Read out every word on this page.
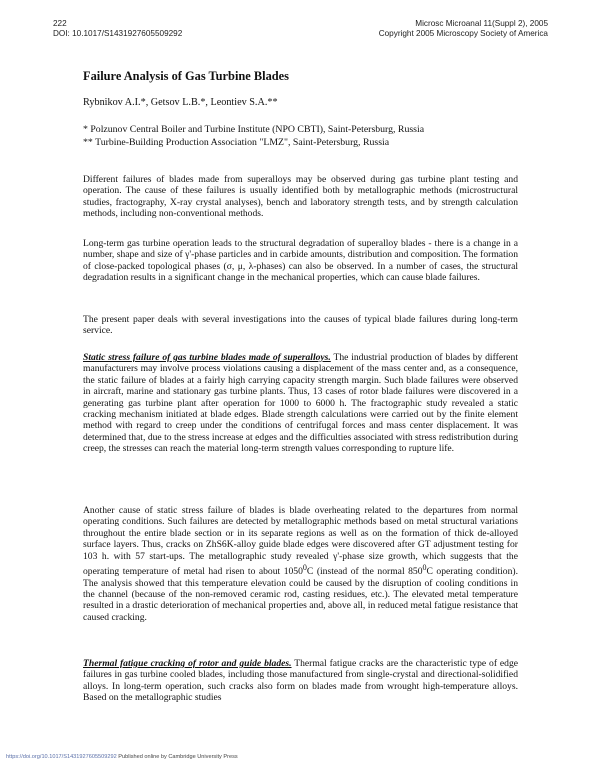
222
DOI: 10.1017/S1431927605509292
Microsc Microanal 11(Suppl 2), 2005
Copyright 2005 Microscopy Society of America
Failure Analysis of Gas Turbine Blades
Rybnikov A.I.*, Getsov L.B.*, Leontiev S.A.**
* Polzunov Central Boiler and Turbine Institute (NPO CBTI), Saint-Petersburg, Russia
** Turbine-Building Production Association "LMZ", Saint-Petersburg, Russia

Different failures of blades made from superalloys may be observed during gas turbine plant testing and operation. The cause of these failures is usually identified both by metallographic methods (microstructural studies, fractography, X-ray crystal analyses), bench and laboratory strength tests, and by strength calculation methods, including non-conventional methods.

Long-term gas turbine operation leads to the structural degradation of superalloy blades - there is a change in a number, shape and size of γ'-phase particles and in carbide amounts, distribution and composition. The formation of close-packed topological phases (σ, μ, λ-phases) can also be observed. In a number of cases, the structural degradation results in a significant change in the mechanical properties, which can cause blade failures.

The present paper deals with several investigations into the causes of typical blade failures during long-term service.

Static stress failure of gas turbine blades made of superalloys. The industrial production of blades by different manufacturers may involve process violations causing a displacement of the mass center and, as a consequence, the static failure of blades at a fairly high carrying capacity strength margin. Such blade failures were observed in aircraft, marine and stationary gas turbine plants. Thus, 13 cases of rotor blade failures were discovered in a generating gas turbine plant after operation for 1000 to 6000 h. The fractographic study revealed a static cracking mechanism initiated at blade edges. Blade strength calculations were carried out by the finite element method with regard to creep under the conditions of centrifugal forces and mass center displacement. It was determined that, due to the stress increase at edges and the difficulties associated with stress redistribution during creep, the stresses can reach the material long-term strength values corresponding to rupture life.

Another cause of static stress failure of blades is blade overheating related to the departures from normal operating conditions. Such failures are detected by metallographic methods based on metal structural variations throughout the entire blade section or in its separate regions as well as on the formation of thick de-alloyed surface layers. Thus, cracks on ZhS6K-alloy guide blade edges were discovered after GT adjustment testing for 103 h. with 57 start-ups. The metallographic study revealed γ'-phase size growth, which suggests that the operating temperature of metal had risen to about 1050$^0$C (instead of the normal $850^0C$ operating condition). The analysis showed that this temperature elevation could be caused by the disruption of cooling conditions in the channel (because of the non-removed ceramic rod, casting residues, etc.). The elevated metal temperature resulted in a drastic deterioration of mechanical properties and, above all, in reduced metal fatigue resistance that caused cracking.

Thermal fatigue cracking of rotor and guide blades. Thermal fatigue cracks are the characteristic type of edge failures in gas turbine cooled blades, including those manufactured from single-crystal and directional-solidified alloys. In long-term operation, such cracks also form on blades made from wrought high-temperature alloys. Based on the metallographic studies

https://doi.org/10.1017/S1431927605509292 Published online by Cambridge University Press
